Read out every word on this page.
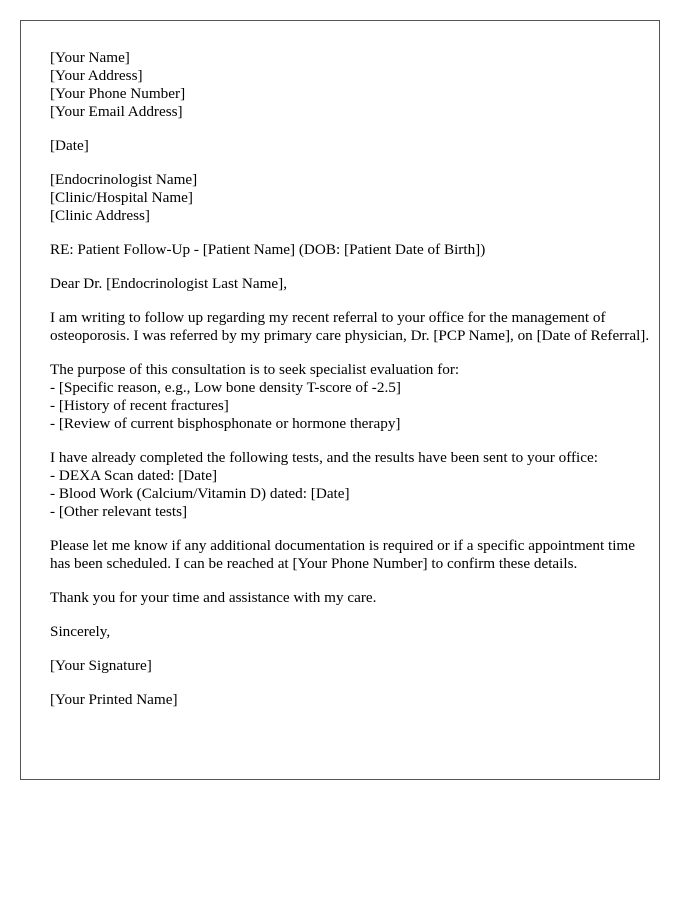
[Your Name]
[Your Address]
[Your Phone Number]
[Your Email Address]
[Date]
[Endocrinologist Name]
[Clinic/Hospital Name]
[Clinic Address]
RE: Patient Follow-Up - [Patient Name] (DOB: [Patient Date of Birth])
Dear Dr. [Endocrinologist Last Name],
I am writing to follow up regarding my recent referral to your office for the management of osteoporosis. I was referred by my primary care physician, Dr. [PCP Name], on [Date of Referral].
The purpose of this consultation is to seek specialist evaluation for:
- [Specific reason, e.g., Low bone density T-score of -2.5]
- [History of recent fractures]
- [Review of current bisphosphonate or hormone therapy]
I have already completed the following tests, and the results have been sent to your office:
- DEXA Scan dated: [Date]
- Blood Work (Calcium/Vitamin D) dated: [Date]
- [Other relevant tests]
Please let me know if any additional documentation is required or if a specific appointment time has been scheduled. I can be reached at [Your Phone Number] to confirm these details.
Thank you for your time and assistance with my care.
Sincerely,
[Your Signature]
[Your Printed Name]
